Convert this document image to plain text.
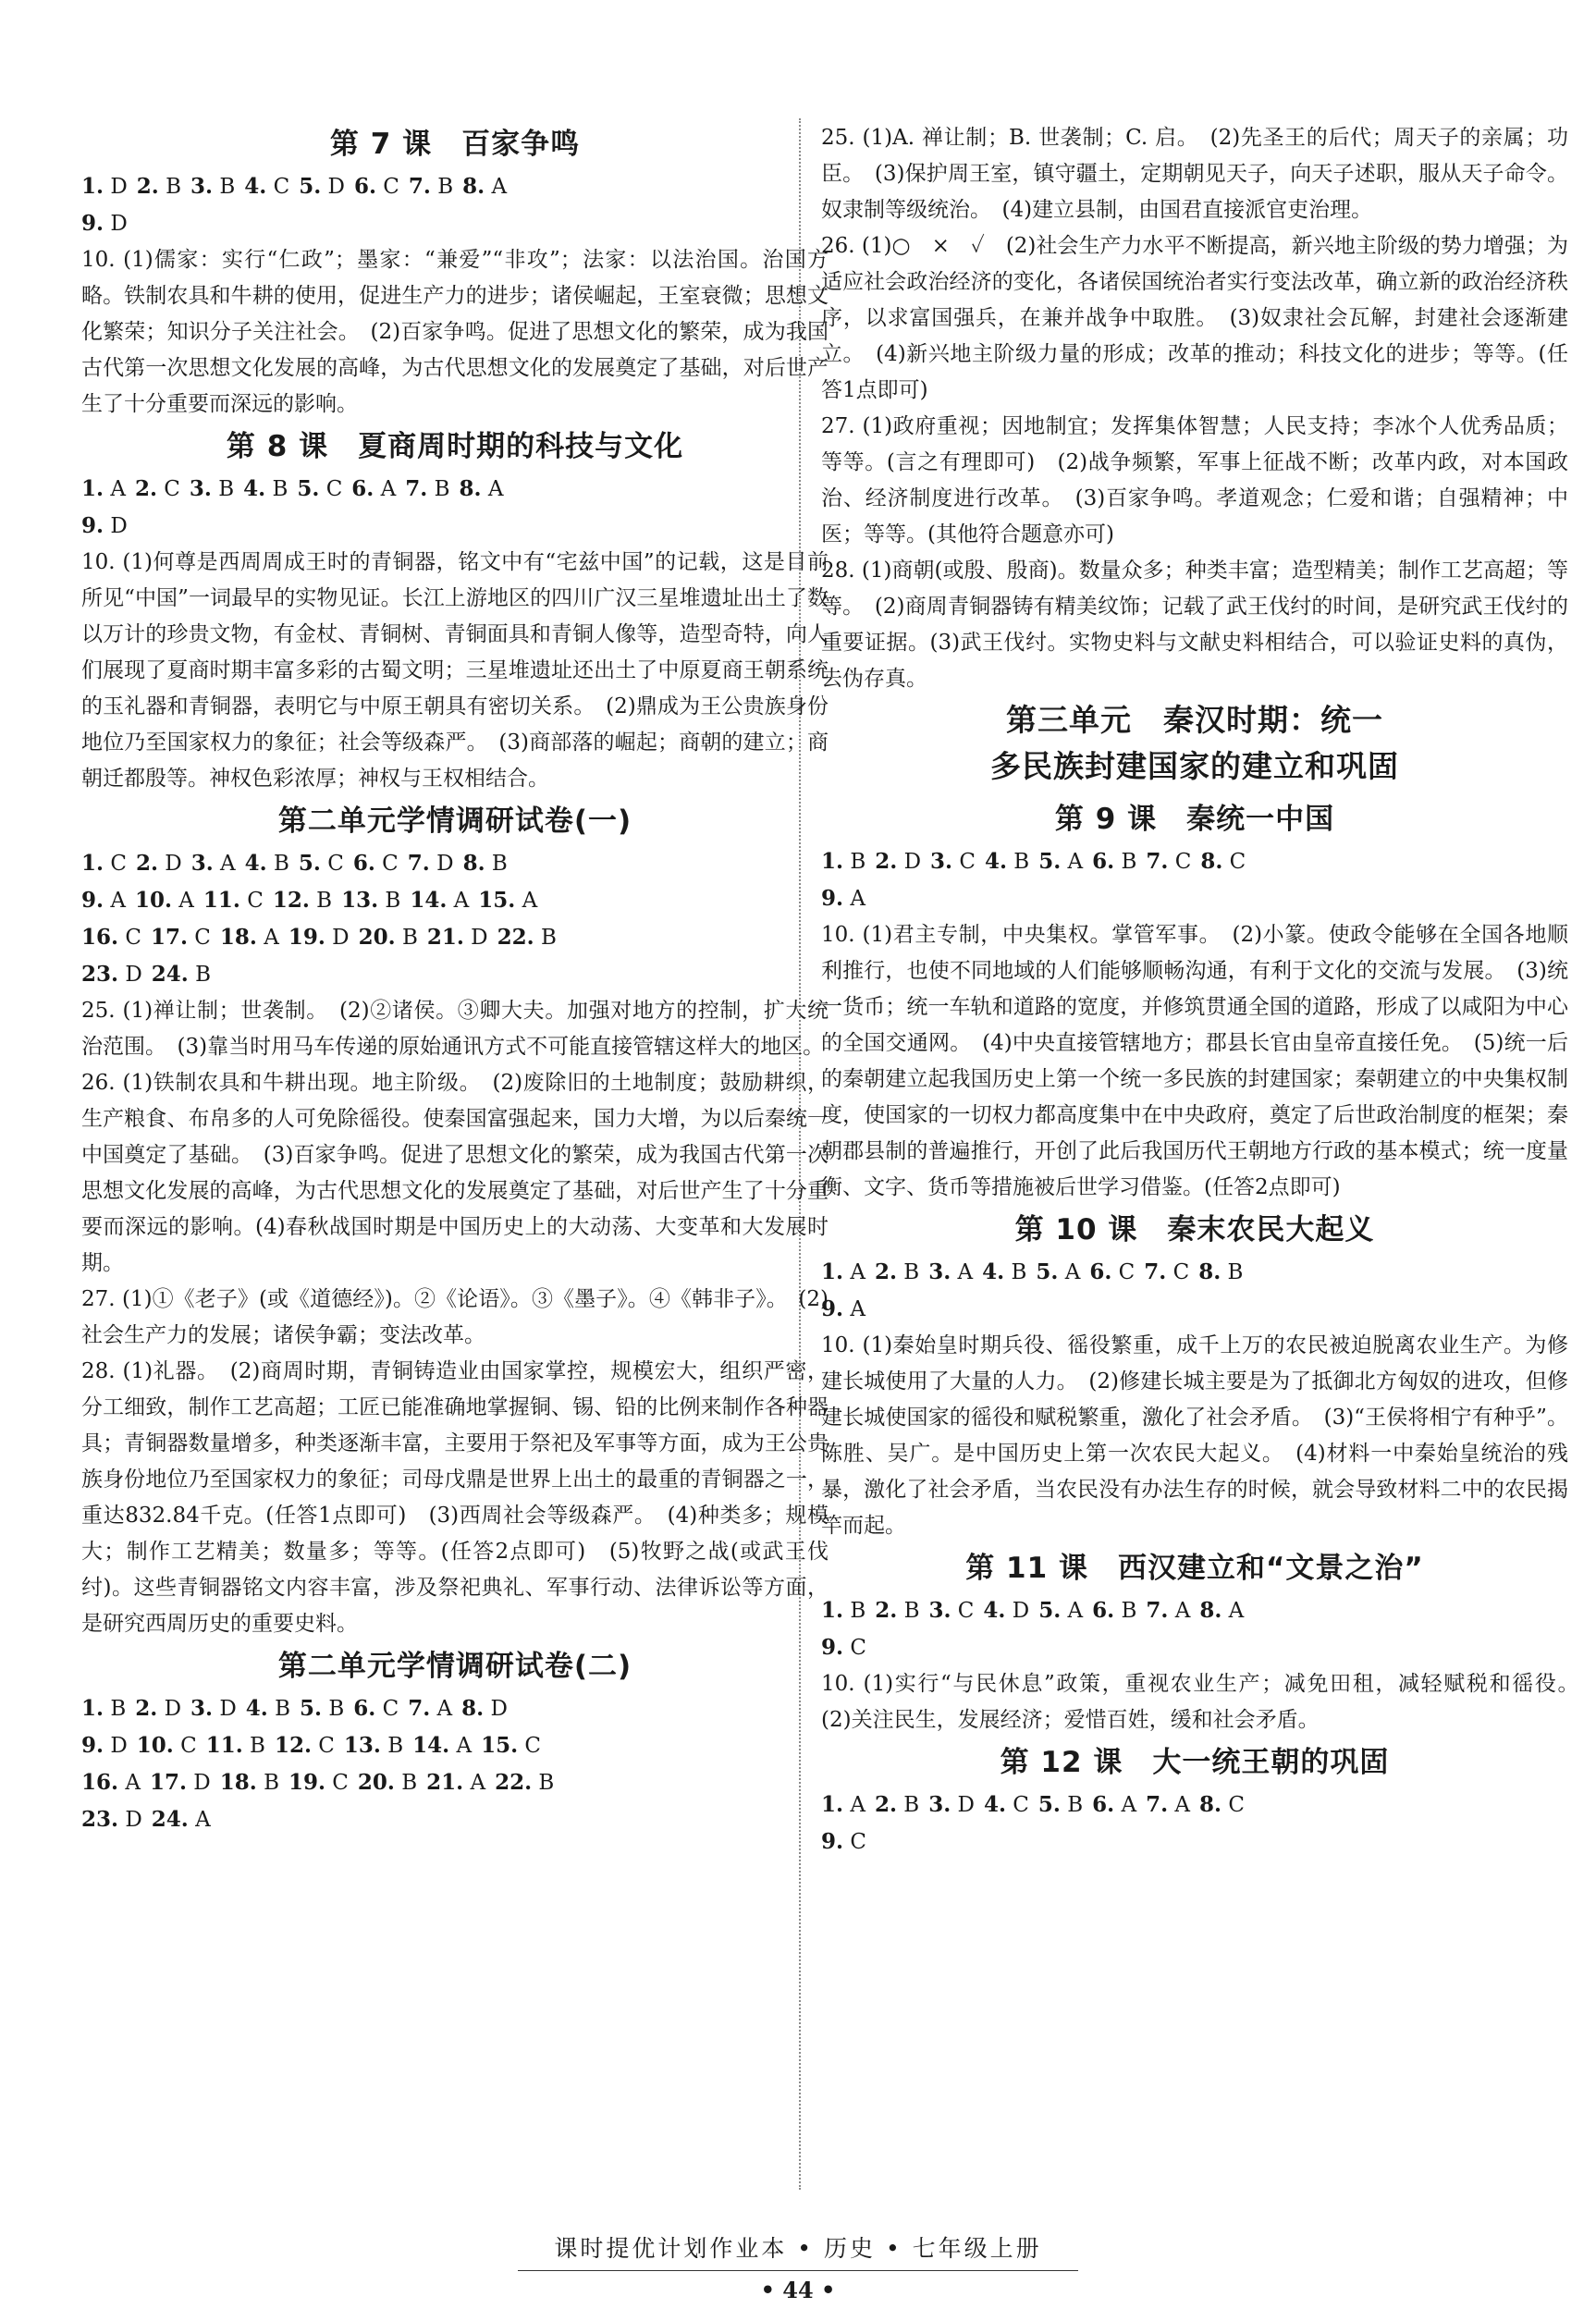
第 7 课　百家争鸣
1. D 2. B 3. B 4. C 5. D 6. C 7. B 8. A
9. D

10. (1)儒家：实行“仁政”；墨家：“兼爱”“非攻”；法家：以法治国。治国方略。铁制农具和牛耕的使用，促进生产力的进步；诸侯崛起，王室衰微；思想文化繁荣；知识分子关注社会。　(2)百家争鸣。促进了思想文化的繁荣，成为我国古代第一次思想文化发展的高峰，为古代思想文化的发展奠定了基础，对后世产生了十分重要而深远的影响。

第 8 课　夏商周时期的科技与文化
1. A 2. C 3. B 4. B 5. C 6. A 7. B 8. A
9. D

10. (1)何尊是西周周成王时的青铜器，铭文中有“宅兹中国”的记载，这是目前所见“中国”一词最早的实物见证。长江上游地区的四川广汉三星堆遗址出土了数以万计的珍贵文物，有金杖、青铜树、青铜面具和青铜人像等，造型奇特，向人们展现了夏商时期丰富多彩的古蜀文明；三星堆遗址还出土了中原夏商王朝系统的玉礼器和青铜器，表明它与中原王朝具有密切关系。　(2)鼎成为王公贵族身份地位乃至国家权力的象征；社会等级森严。　(3)商部落的崛起；商朝的建立；商朝迁都殷等。神权色彩浓厚；神权与王权相结合。

第二单元学情调研试卷(一)
1. C 2. D 3. A 4. B 5. C 6. C 7. D 8. B
9. A 10. A 11. C 12. B 13. B 14. A 15. A
16. C 17. C 18. A 19. D 20. B 21. D 22. B
23. D 24. B

25. (1)禅让制；世袭制。　(2)②诸侯。③卿大夫。加强对地方的控制，扩大统治范围。　(3)靠当时用马车传递的原始通讯方式不可能直接管辖这样大的地区。

26. (1)铁制农具和牛耕出现。地主阶级。　(2)废除旧的土地制度；鼓励耕织，生产粮食、布帛多的人可免除徭役。使秦国富强起来，国力大增，为以后秦统一中国奠定了基础。　(3)百家争鸣。促进了思想文化的繁荣，成为我国古代第一次思想文化发展的高峰，为古代思想文化的发展奠定了基础，对后世产生了十分重要而深远的影响。(4)春秋战国时期是中国历史上的大动荡、大变革和大发展时期。

27. (1)①《老子》(或《道德经》)。②《论语》。③《墨子》。④《韩非子》。　(2)社会生产力的发展；诸侯争霸；变法改革。

28. (1)礼器。　(2)商周时期，青铜铸造业由国家掌控，规模宏大，组织严密，分工细致，制作工艺高超；工匠已能准确地掌握铜、锡、铅的比例来制作各种器具；青铜器数量增多，种类逐渐丰富，主要用于祭祀及军事等方面，成为王公贵族身份地位乃至国家权力的象征；司母戊鼎是世界上出土的最重的青铜器之一，重达832.84千克。(任答1点即可)　(3)西周社会等级森严。　(4)种类多；规模大；制作工艺精美；数量多；等等。(任答2点即可)　(5)牧野之战(或武王伐纣)。这些青铜器铭文内容丰富，涉及祭祀典礼、军事行动、法律诉讼等方面，是研究西周历史的重要史料。

第二单元学情调研试卷(二)
1. B 2. D 3. D 4. B 5. B 6. C 7. A 8. D
9. D 10. C 11. B 12. C 13. B 14. A 15. C
16. A 17. D 18. B 19. C 20. B 21. A 22. B
23. D 24. A

25. (1)A. 禅让制；B. 世袭制；C. 启。　(2)先圣王的后代；周天子的亲属；功臣。　(3)保护周王室，镇守疆土，定期朝见天子，向天子述职，服从天子命令。奴隶制等级统治。　(4)建立县制，由国君直接派官吏治理。

26. (1)○　×　✓　(2)社会生产力水平不断提高，新兴地主阶级的势力增强；为适应社会政治经济的变化，各诸侯国统治者实行变法改革，确立新的政治经济秩序，以求富国强兵，在兼并战争中取胜。　(3)奴隶社会瓦解，封建社会逐渐建立。　(4)新兴地主阶级力量的形成；改革的推动；科技文化的进步；等等。(任答1点即可)

27. (1)政府重视；因地制宜；发挥集体智慧；人民支持；李冰个人优秀品质；等等。(言之有理即可)　(2)战争频繁，军事上征战不断；改革内政，对本国政治、经济制度进行改革。　(3)百家争鸣。孝道观念；仁爱和谐；自强精神；中医；等等。(其他符合题意亦可)

28. (1)商朝(或殷、殷商)。数量众多；种类丰富；造型精美；制作工艺高超；等等。　(2)商周青铜器铸有精美纹饰；记载了武王伐纣的时间，是研究武王伐纣的重要证据。(3)武王伐纣。实物史料与文献史料相结合，可以验证史料的真伪，去伪存真。

第三单元　秦汉时期：统一
多民族封建国家的建立和巩固
第 9 课　秦统一中国
1. B 2. D 3. C 4. B 5. A 6. B 7. C 8. C
9. A

10. (1)君主专制，中央集权。掌管军事。　(2)小篆。使政令能够在全国各地顺利推行，也使不同地域的人们能够顺畅沟通，有利于文化的交流与发展。　(3)统一货币；统一车轨和道路的宽度，并修筑贯通全国的道路，形成了以咸阳为中心的全国交通网。　(4)中央直接管辖地方；郡县长官由皇帝直接任免。　(5)统一后的秦朝建立起我国历史上第一个统一多民族的封建国家；秦朝建立的中央集权制度，使国家的一切权力都高度集中在中央政府，奠定了后世政治制度的框架；秦朝郡县制的普遍推行，开创了此后我国历代王朝地方行政的基本模式；统一度量衡、文字、货币等措施被后世学习借鉴。(任答2点即可)

第 10 课　秦末农民大起义
1. A 2. B 3. A 4. B 5. A 6. C 7. C 8. B
9. A

10. (1)秦始皇时期兵役、徭役繁重，成千上万的农民被迫脱离农业生产。为修建长城使用了大量的人力。　(2)修建长城主要是为了抵御北方匈奴的进攻，但修建长城使国家的徭役和赋税繁重，激化了社会矛盾。　(3)“王侯将相宁有种乎”。陈胜、吴广。是中国历史上第一次农民大起义。　(4)材料一中秦始皇统治的残暴，激化了社会矛盾，当农民没有办法生存的时候，就会导致材料二中的农民揭竿而起。

第 11 课　西汉建立和“文景之治”
1. B 2. B 3. C 4. D 5. A 6. B 7. A 8. A
9. C

10. (1)实行“与民休息”政策，重视农业生产；减免田租，减轻赋税和徭役。　(2)关注民生，发展经济；爱惜百姓，缓和社会矛盾。

第 12 课　大一统王朝的巩固
1. A 2. B 3. D 4. C 5. B 6. A 7. A 8. C
9. C
课时提优计划作业本 • 历史 • 七年级上册
• 44 •
